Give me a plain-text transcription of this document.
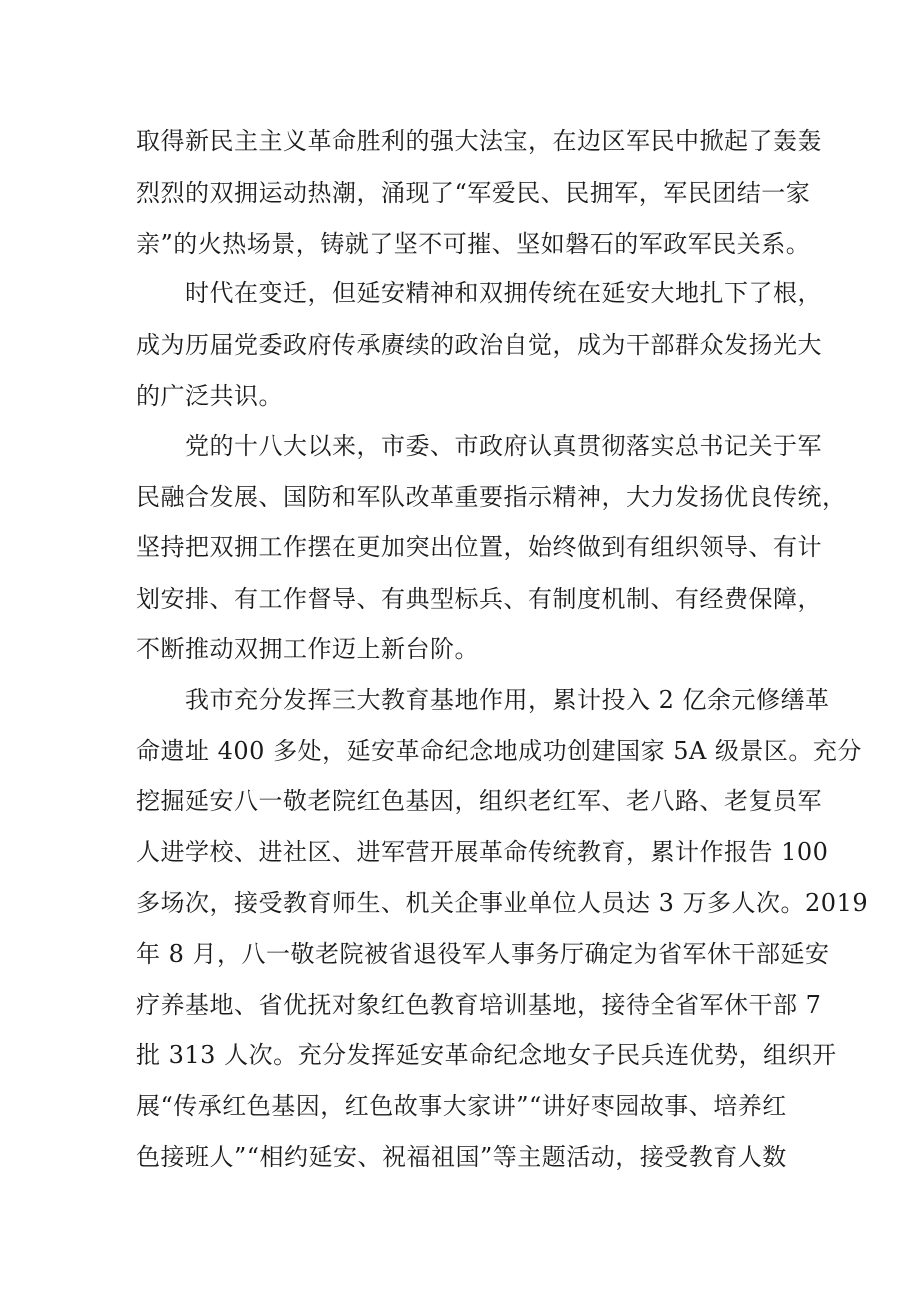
取得新民主主义革命胜利的强大法宝，在边区军民中掀起了轰轰
烈烈的双拥运动热潮，涌现了“军爱民、民拥军，军民团结一家
亲”的火热场景，铸就了坚不可摧、坚如磐石的军政军民关系。
　　时代在变迁，但延安精神和双拥传统在延安大地扎下了根，
成为历届党委政府传承赓续的政治自觉，成为干部群众发扬光大
的广泛共识。
　　党的十八大以来，市委、市政府认真贯彻落实总书记关于军
民融合发展、国防和军队改革重要指示精神，大力发扬优良传统，
坚持把双拥工作摆在更加突出位置，始终做到有组织领导、有计
划安排、有工作督导、有典型标兵、有制度机制、有经费保障，
不断推动双拥工作迈上新台阶。
　　我市充分发挥三大教育基地作用，累计投入 2 亿余元修缮革
命遗址 400 多处，延安革命纪念地成功创建国家 5A 级景区。充分
挖掘延安八一敬老院红色基因，组织老红军、老八路、老复员军
人进学校、进社区、进军营开展革命传统教育，累计作报告 100
多场次，接受教育师生、机关企事业单位人员达 3 万多人次。2019
年 8 月，八一敬老院被省退役军人事务厅确定为省军休干部延安
疗养基地、省优抚对象红色教育培训基地，接待全省军休干部 7
批 313 人次。充分发挥延安革命纪念地女子民兵连优势，组织开
展“传承红色基因，红色故事大家讲”“讲好枣园故事、培养红
色接班人”“相约延安、祝福祖国”等主题活动，接受教育人数
